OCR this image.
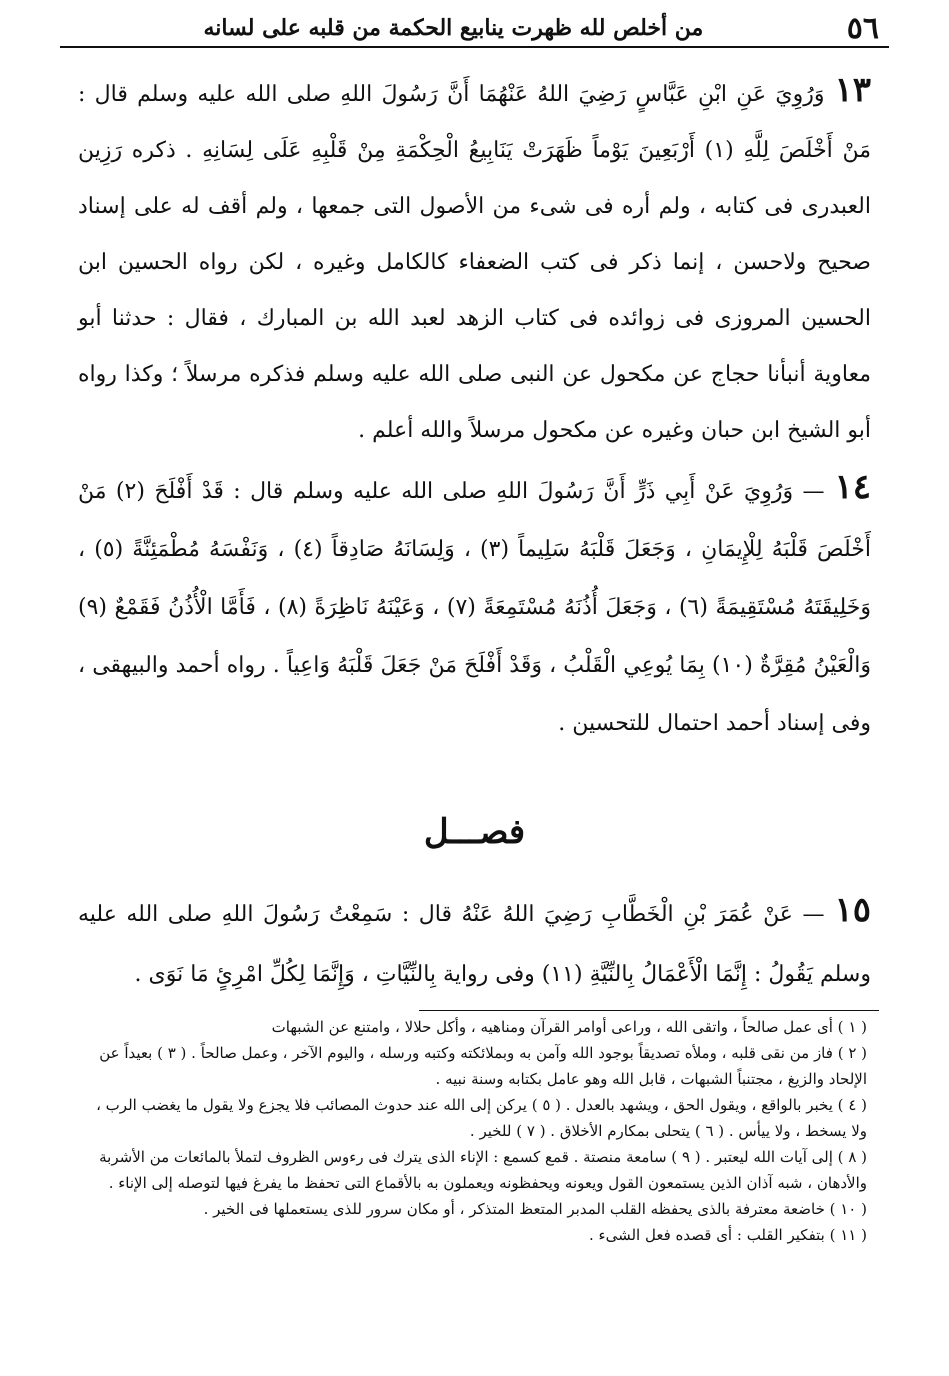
٥٦
من أخلص لله ظهرت ينابيع الحكمة من قلبه على لسانه

١٣وَرُوِيَ عَنِ ابْنِ عَبَّاسٍ رَضِيَ اللهُ عَنْهُمَا أَنَّ رَسُولَ اللهِ صلى الله عليه وسلم قال : مَنْ أَخْلَصَ لِلَّهِ (١) أَرْبَعِينَ يَوْماً ظَهَرَتْ يَنَابِيعُ الْحِكْمَةِ مِنْ قَلْبِهِ عَلَى لِسَانِهِ . ذكره رَزِين العبدرى فى كتابه ، ولم أره فى شىء من الأصول التى جمعها ، ولم أقف له على إسناد صحيح ولاحسن ، إنما ذكر فى كتب الضعفاء كالكامل وغيره ، لكن رواه الحسين ابن الحسين المروزى فى زوائده فى كتاب الزهد لعبد الله بن المبارك ، فقال : حدثنا أبو معاوية أنبأنا حجاج عن مكحول عن النبى صلى الله عليه وسلم فذكره مرسلاً ؛ وكذا رواه أبو الشيخ ابن حبان وغيره عن مكحول مرسلاً والله أعلم .

١٤— وَرُوِيَ عَنْ أَبِي ذَرٍّ أَنَّ رَسُولَ اللهِ صلى الله عليه وسلم قال : قَدْ أَفْلَحَ (٢) مَنْ أَخْلَصَ قَلْبَهُ لِلْإِيمَانِ ، وَجَعَلَ قَلْبَهُ سَلِيماً (٣) ، وَلِسَانَهُ صَادِقاً (٤) ، وَنَفْسَهُ مُطْمَئِنَّةً (٥) ، وَخَلِيقَتَهُ مُسْتَقِيمَةً (٦) ، وَجَعَلَ أُذُنَهُ مُسْتَمِعَةً (٧) ، وَعَيْنَهُ نَاظِرَةً (٨) ، فَأَمَّا الْأُذُنُ فَقَمْعٌ (٩) وَالْعَيْنُ مُقِرَّةٌ (١٠) بِمَا يُوعِي الْقَلْبُ ، وَقَدْ أَفْلَحَ مَنْ جَعَلَ قَلْبَهُ وَاعِياً . رواه أحمد والبيهقى ، وفى إسناد أحمد احتمال للتحسين .

فصـــل

١٥— عَنْ عُمَرَ بْنِ الْخَطَّابِ رَضِيَ اللهُ عَنْهُ قال : سَمِعْتُ رَسُولَ اللهِ صلى الله عليه وسلم يَقُولُ : إِنَّمَا الْأَعْمَالُ بِالنِّيَّةِ (١١) وفى رواية بِالنِّيَّاتِ ، وَإِنَّمَا لِكُلِّ امْرِئٍ مَا نَوَى .

( ١ ) أى عمل صالحاً ، واتقى الله ، وراعى أوامر القرآن ومناهيه ، وأكل حلالا ، وامتنع عن الشبهات
( ٢ ) فاز من نقى قلبه ، وملأه تصديقاً بوجود الله وآمن به وبملائكته وكتبه ورسله ، واليوم الآخر ، وعمل صالحاً . ( ٣ ) بعيداً عن الإلحاد والزيغ ، مجتنباً الشبهات ، قابل الله وهو عامل بكتابه وسنة نبيه .
( ٤ ) يخبر بالواقع ، ويقول الحق ، ويشهد بالعدل . ( ٥ ) يركن إلى الله عند حدوث المصائب فلا يجزع ولا يقول ما يغضب الرب ، ولا يسخط ، ولا ييأس . ( ٦ ) يتحلى بمكارم الأخلاق . ( ٧ ) للخير .
( ٨ ) إلى آيات الله ليعتبر . ( ٩ ) سامعة منصتة . قمع كسمع : الإناء الذى يترك فى رءوس الظروف لتملأ بالمائعات من الأشربة والأدهان ، شبه آذان الذين يستمعون القول ويعونه ويحفظونه ويعملون به بالأقماع التى تحفظ ما يفرغ فيها لتوصله إلى الإناء .
( ١٠ ) خاضعة معترفة بالذى يحفظه القلب المدبر المتعظ المتذكر ، أو مكان سرور للذى يستعملها فى الخير .
( ١١ ) بتفكير القلب : أى قصده فعل الشىء .
